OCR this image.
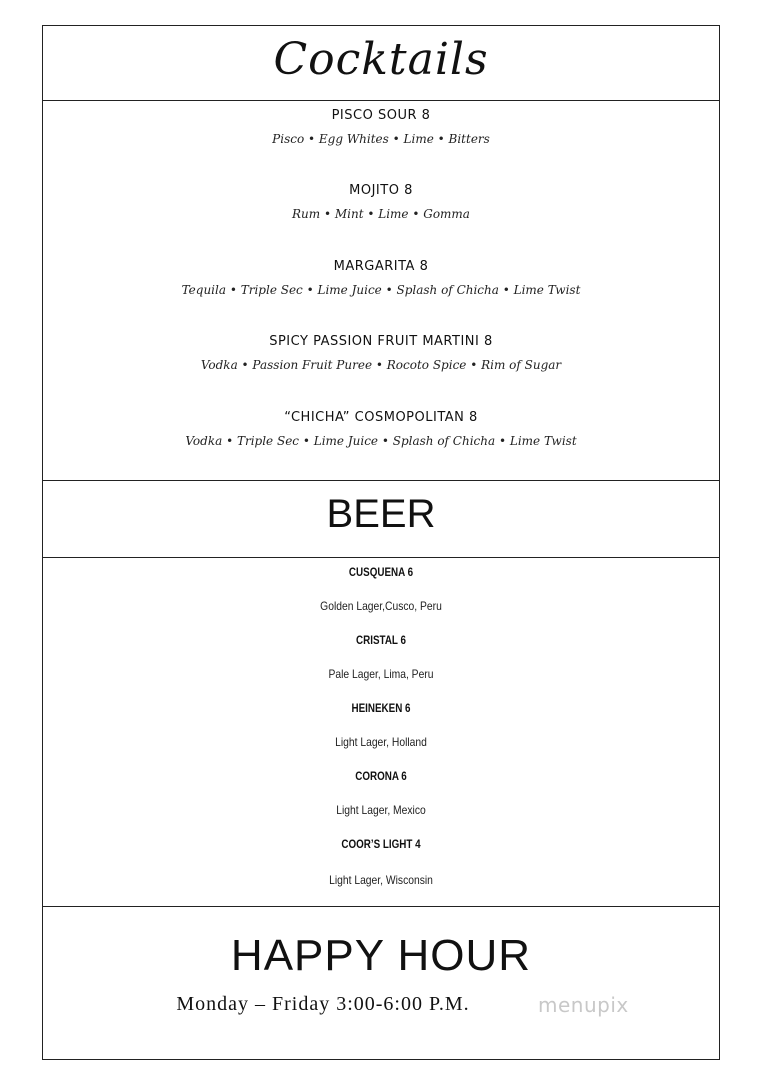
Cocktails
PISCO SOUR 8
Pisco • Egg Whites • Lime • Bitters
MOJITO 8
Rum • Mint • Lime • Gomma
MARGARITA 8
Tequila • Triple Sec • Lime Juice • Splash of Chicha • Lime Twist
SPICY PASSION FRUIT MARTINI 8
Vodka • Passion Fruit Puree • Rocoto Spice • Rim of Sugar
“CHICHA” COSMOPOLITAN 8
Vodka • Triple Sec • Lime Juice • Splash of Chicha • Lime Twist
BEER
CUSQUENA 6
Golden Lager,Cusco, Peru
CRISTAL 6
Pale Lager, Lima, Peru
HEINEKEN 6
Light Lager, Holland
CORONA 6
Light Lager, Mexico
COOR’S LIGHT 4
Light Lager, Wisconsin
HAPPY HOUR
Monday – Friday 3:00-6:00 P.M.	menupix
